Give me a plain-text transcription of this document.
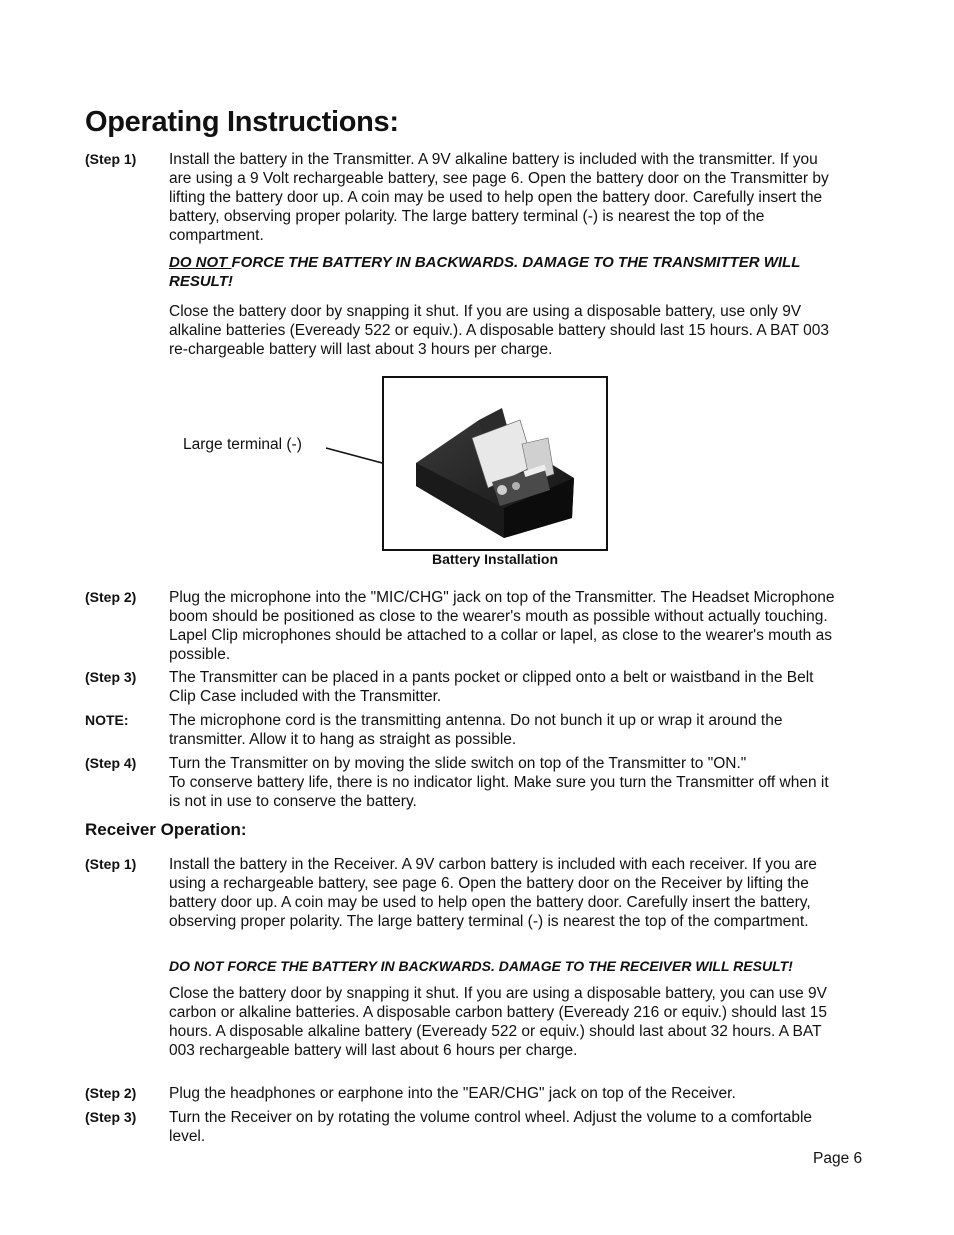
Operating Instructions:
(Step 1) Install the battery in the Transmitter. A 9V alkaline battery is included with the transmitter. If you are using a 9 Volt rechargeable battery, see page 6. Open the battery door on the Transmitter by lifting the battery door up. A coin may be used to help open the battery door. Carefully insert the battery, observing proper polarity. The large battery terminal (-) is nearest the top of the compartment.

DO NOT FORCE THE BATTERY IN BACKWARDS. DAMAGE TO THE TRANSMITTER WILL RESULT!

Close the battery door by snapping it shut. If you are using a disposable battery, use only 9V alkaline batteries (Eveready 522 or equiv.). A disposable battery should last 15 hours. A BAT 003 re-chargeable battery will last about 3 hours per charge.

Large terminal (-)
Battery Installation
(Step 2) Plug the microphone into the "MIC/CHG" jack on top of the Transmitter. The Headset Microphone boom should be positioned as close to the wearer's mouth as possible without actually touching. Lapel Clip microphones should be attached to a collar or lapel, as close to the wearer's mouth as possible.

(Step 3) The Transmitter can be placed in a pants pocket or clipped onto a belt or waistband in the Belt Clip Case included with the Transmitter.

NOTE:	The microphone cord is the transmitting antenna. Do not bunch it up or wrap it around the transmitter. Allow it to hang as straight as possible.

(Step 4) Turn the Transmitter on by moving the slide switch on top of the Transmitter to "ON."

To conserve battery life, there is no indicator light. Make sure you turn the Transmitter off when it is not in use to conserve the battery.

Receiver Operation:
(Step 1) Install the battery in the Receiver. A 9V carbon battery is included with each receiver. If you are using a rechargeable battery, see page 6. Open the battery door on the Receiver by lifting the battery door up. A coin may be used to help open the battery door. Carefully insert the battery, observing proper polarity. The large battery terminal (-) is nearest the top of the compartment.

DO NOT FORCE THE BATTERY IN BACKWARDS. DAMAGE TO THE RECEIVER WILL RESULT!

Close the battery door by snapping it shut. If you are using a disposable battery, you can use 9V carbon or alkaline batteries. A disposable carbon battery (Eveready 216 or equiv.) should last 15 hours. A disposable alkaline battery (Eveready 522 or equiv.) should last about 32 hours. A BAT 003 rechargeable battery will last about 6 hours per charge.

(Step 2) Plug the headphones or earphone into the "EAR/CHG" jack on top of the Receiver.

(Step 3) Turn the Receiver on by rotating the volume control wheel. Adjust the volume to a comfortable level.

Page 6
